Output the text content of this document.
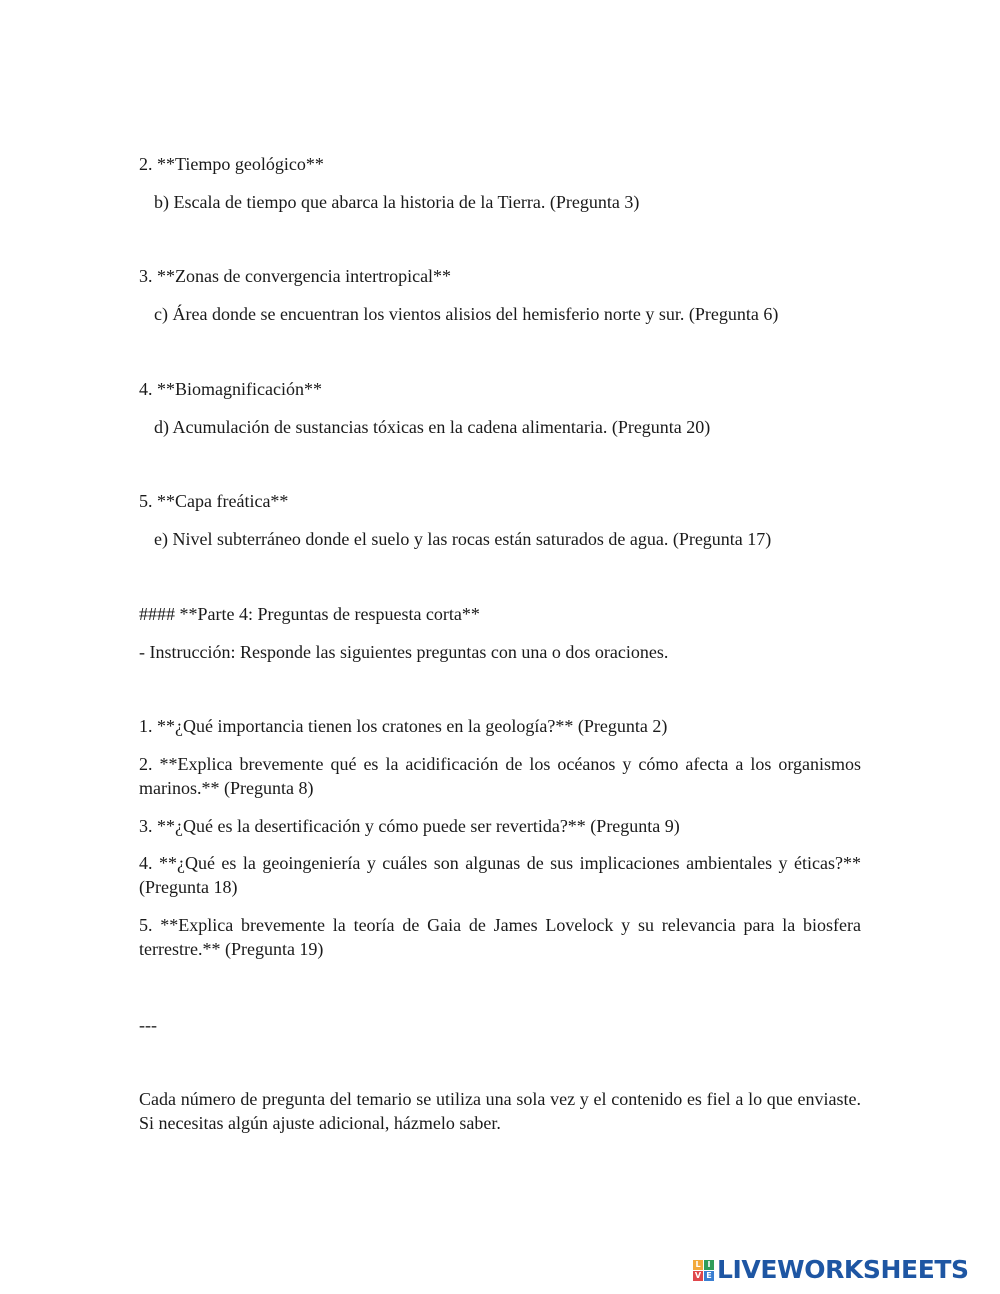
2. **Tiempo geológico**

b) Escala de tiempo que abarca la historia de la Tierra. (Pregunta 3)

3. **Zonas de convergencia intertropical**

c) Área donde se encuentran los vientos alisios del hemisferio norte y sur. (Pregunta 6)

4. **Biomagnificación**

d) Acumulación de sustancias tóxicas en la cadena alimentaria. (Pregunta 20)

5. **Capa freática**

e) Nivel subterráneo donde el suelo y las rocas están saturados de agua. (Pregunta 17)

#### **Parte 4: Preguntas de respuesta corta**

- Instrucción: Responde las siguientes preguntas con una o dos oraciones.

1. **¿Qué importancia tienen los cratones en la geología?** (Pregunta 2)

2. **Explica brevemente qué es la acidificación de los océanos y cómo afecta a los organismos marinos.** (Pregunta 8)

3. **¿Qué es la desertificación y cómo puede ser revertida?** (Pregunta 9)

4. **¿Qué es la geoingeniería y cuáles son algunas de sus implicaciones ambientales y éticas?** (Pregunta 18)

5. **Explica brevemente la teoría de Gaia de James Lovelock y su relevancia para la biosfera terrestre.** (Pregunta 19)

---

Cada número de pregunta del temario se utiliza una sola vez y el contenido es fiel a lo que enviaste. Si necesitas algún ajuste adicional, házmelo saber.

L I
V E LIVEWORKSHEETS
